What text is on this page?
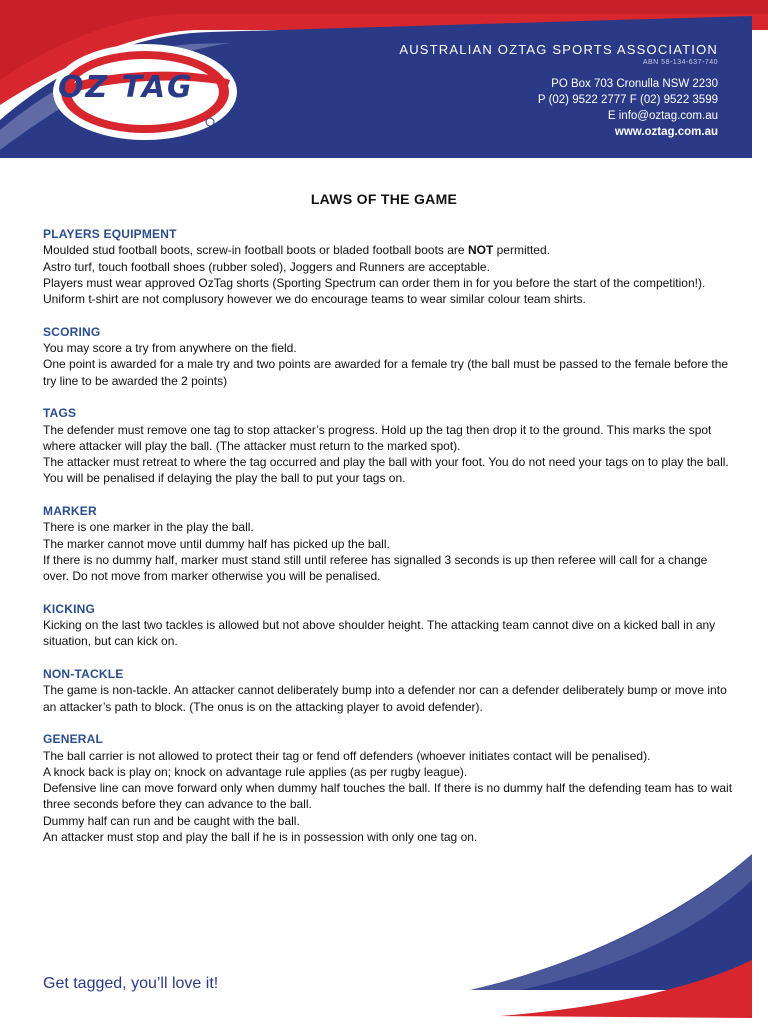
OZ TAG
AUSTRALIAN OZTAG SPORTS ASSOCIATION
ABN 58-134-637-740
PO Box 703 Cronulla NSW 2230
P (02) 9522 2777 F (02) 9522 3599
E info@oztag.com.au
www.oztag.com.au
LAWS OF THE GAME
PLAYERS EQUIPMENT
Moulded stud football boots, screw-in football boots or bladed football boots are NOT permitted.
Astro turf, touch football shoes (rubber soled), Joggers and Runners are acceptable.
Players must wear approved OzTag shorts (Sporting Spectrum can order them in for you before the start of the competition!).
Uniform t-shirt are not complusory however we do encourage teams to wear similar colour team shirts.
SCORING
You may score a try from anywhere on the field.
One point is awarded for a male try and two points are awarded for a female try (the ball must be passed to the female before the try line to be awarded the 2 points)
TAGS
The defender must remove one tag to stop attacker’s progress. Hold up the tag then drop it to the ground. This marks the spot where attacker will play the ball. (The attacker must return to the marked spot).
The attacker must retreat to where the tag occurred and play the ball with your foot. You do not need your tags on to play the ball.
You will be penalised if delaying the play the ball to put your tags on.
MARKER
There is one marker in the play the ball.
The marker cannot move until dummy half has picked up the ball.
If there is no dummy half, marker must stand still until referee has signalled 3 seconds is up then referee will call for a change over. Do not move from marker otherwise you will be penalised.
KICKING
Kicking on the last two tackles is allowed but not above shoulder height. The attacking team cannot dive on a kicked ball in any situation, but can kick on.
NON-TACKLE
The game is non-tackle. An attacker cannot deliberately bump into a defender nor can a defender deliberately bump or move into an attacker’s path to block. (The onus is on the attacking player to avoid defender).
GENERAL
The ball carrier is not allowed to protect their tag or fend off defenders (whoever initiates contact will be penalised).
A knock back is play on; knock on advantage rule applies (as per rugby league).
Defensive line can move forward only when dummy half touches the ball. If there is no dummy half the defending team has to wait three seconds before they can advance to the ball.
Dummy half can run and be caught with the ball.
An attacker must stop and play the ball if he is in possession with only one tag on.
Get tagged, you’ll love it!
